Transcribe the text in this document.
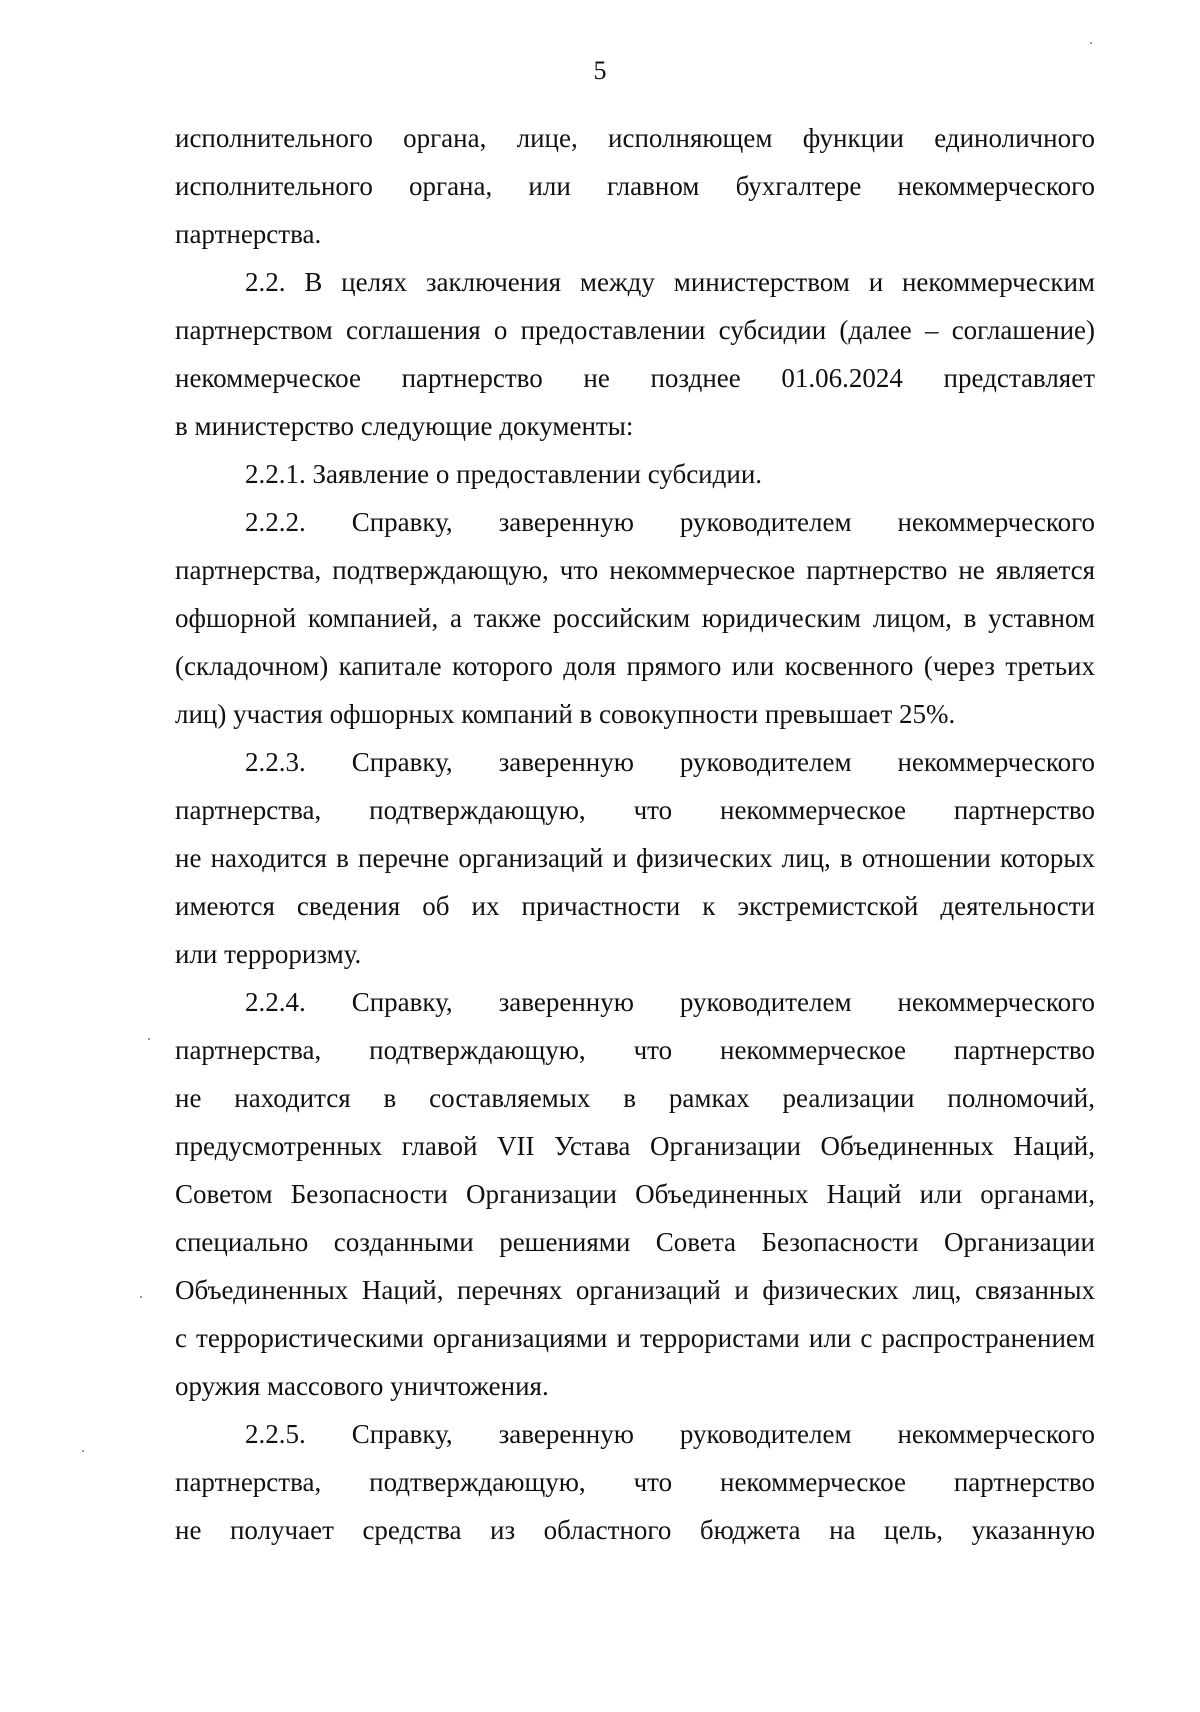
5
исполнительного органа, лице, исполняющем функции единоличного
исполнительного органа, или главном бухгалтере некоммерческого
партнерства.
2.2. В целях заключения между министерством и некоммерческим
партнерством соглашения о предоставлении субсидии (далее – соглашение)
некоммерческое партнерство не позднее 01.06.2024 представляет
в министерство следующие документы:
2.2.1. Заявление о предоставлении субсидии.
2.2.2. Справку, заверенную руководителем некоммерческого
партнерства, подтверждающую, что некоммерческое партнерство не является
офшорной компанией, а также российским юридическим лицом, в уставном
(складочном) капитале которого доля прямого или косвенного (через третьих
лиц) участия офшорных компаний в совокупности превышает 25%.
2.2.3. Справку, заверенную руководителем некоммерческого
партнерства, подтверждающую, что некоммерческое партнерство
не находится в перечне организаций и физических лиц, в отношении которых
имеются сведения об их причастности к экстремистской деятельности
или терроризму.
2.2.4. Справку, заверенную руководителем некоммерческого
партнерства, подтверждающую, что некоммерческое партнерство
не находится в составляемых в рамках реализации полномочий,
предусмотренных главой VII Устава Организации Объединенных Наций,
Советом Безопасности Организации Объединенных Наций или органами,
специально созданными решениями Совета Безопасности Организации
Объединенных Наций, перечнях организаций и физических лиц, связанных
с террористическими организациями и террористами или с распространением
оружия массового уничтожения.
2.2.5. Справку, заверенную руководителем некоммерческого
партнерства, подтверждающую, что некоммерческое партнерство
не получает средства из областного бюджета на цель, указанную
